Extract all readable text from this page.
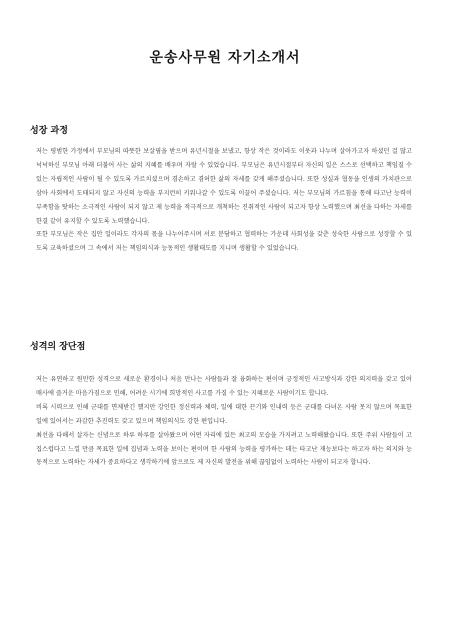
운송사무원 자기소개서
성장 과정

저는 평범한 가정에서 부모님의 따뜻한 보살핌을 받으며 유년시절을 보냈고, 항상 작은 것이라도 이웃과 나누며 살아가고자 하셨던 걸 많고 넉넉하신 부모님 아래 더불어 사는 삶의 지혜를 배우며 자랄 수 있었습니다. 부모님은 유년시절부터 자신의 일은 스스로 선택하고 책임질 수 있는 자립적인 사람이 될 수 있도록 가르치셨으며 겸손하고 겸허한 삶의 자세를 갖게 해주셨습니다. 또한 성실과 협동을 인생의 가치관으로 삼아 사회에서 도태되지 않고 자신의 능력을 부지런히 키워나갈 수 있도록 이끌어 주셨습니다. 저는 부모님의 가르침을 통해 타고난 능력이 부족함을 탓하는 소극적인 사람이 되지 않고 제 능력을 적극적으로 개척하는 진취적인 사람이 되고자 항상 노력했으며 최선을 다하는 자세를 한결 같이 유지할 수 있도록 노력했습니다.

또한 부모님은 작은 집안 일이라도 각자의 몫을 나누어주시며 서로 분담하고 협력하는 가운데 사회성을 갖춘 성숙한 사람으로 성장할 수 있도록 교육하셨으며 그 속에서 저는 책임의식과 능동적인 생활태도를 지니며 생활할 수 있었습니다.

성격의 장단점

저는 유연하고 원만한 성격으로 새로운 환경이나 처음 만나는 사람들과 잘 융화하는 편이며 긍정적인 사고방식과 강한 의지력을 갖고 있어 매사에 즐거운 마음가짐으로 인해, 어려운 시기에 희망적인 사고를 가질 수 있는 지혜로운 사람이기도 합니다.

비록 시력으로 인해 군대를 면제받긴 했지만 강인한 정신력과 체력, 일에 대한 끈기와 인내력 등은 군대를 다녀온 사람 못지 않으며 목표한 일에 있어서는 과감한 추진력도 갖고 있으며 책임의식도 강한 편입니다.

최선을 다해서 살자는 신념으로 하루 하루를 살아왔으며 어떤 자리에 있든 최고의 모습을 가지려고 노력해왔습니다. 또한 주위 사람들이 고집스럽다고 느낄 만큼 목표한 일에 집념과 노력을 보이는 편이며 한 사람의 능력을 평가하는 데는 타고난 재능보다는 하고자 하는 의지와 능동적으로 노력하는 자세가 중요하다고 생각하기에 앞으로도 제 자신의 발전을 위해 끊임없이 노력하는 사람이 되고자 합니다.
